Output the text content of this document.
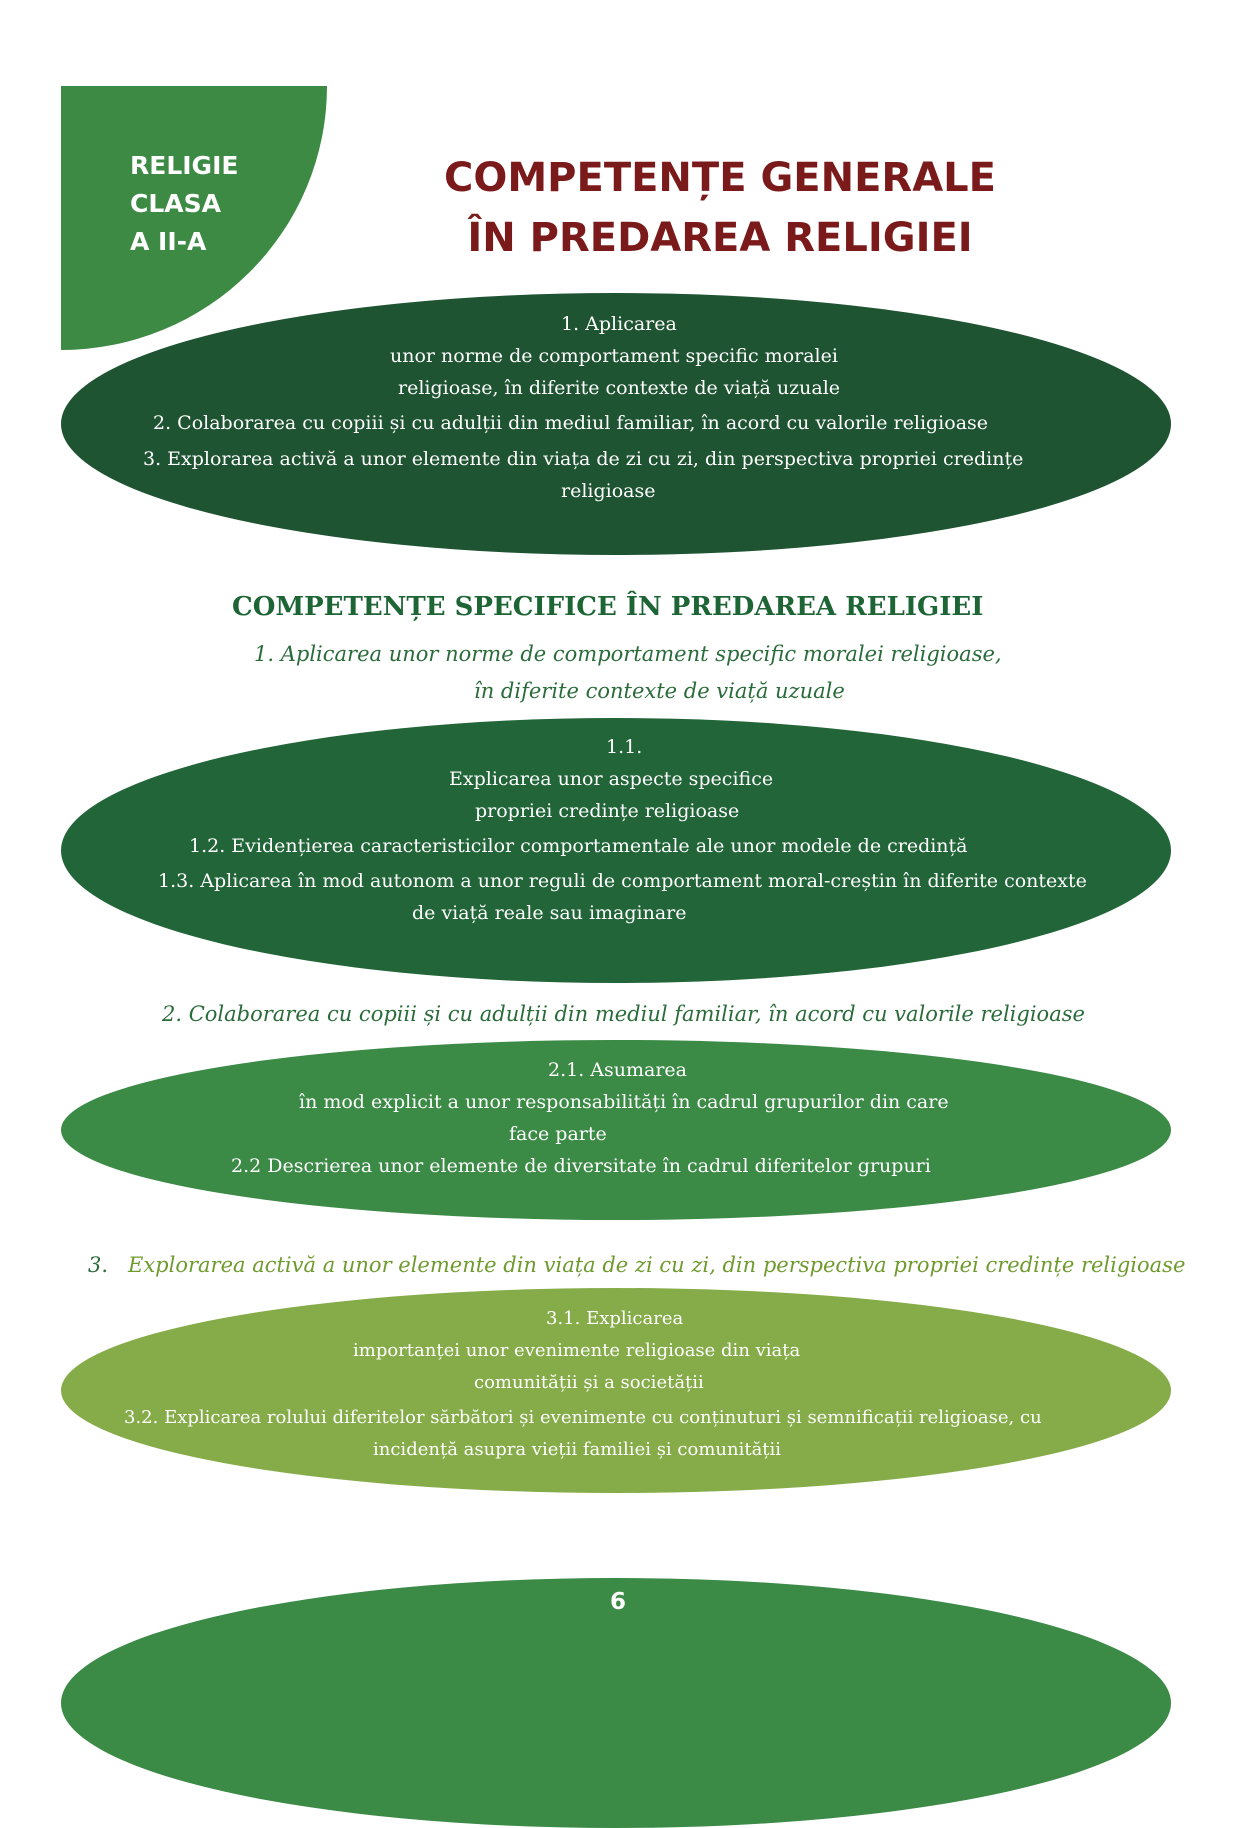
RELIGIE
CLASA
A II-A
COMPETENȚE GENERALE
ÎN PREDAREA RELIGIEI
1. Aplicarea
unor norme de comportament specific moralei
religioase, în diferite contexte de viață uzuale
2. Colaborarea cu copiii și cu adulții din mediul familiar, în acord cu valorile religioase
3. Explorarea activă a unor elemente din viața de zi cu zi, din perspectiva propriei credințe
religioase
COMPETENȚE SPECIFICE ÎN PREDAREA RELIGIEI
1. Aplicarea unor norme de comportament specific moralei religioase,
în diferite contexte de viață uzuale
1.1.
Explicarea unor aspecte specifice
propriei credințe religioase
1.2. Evidențierea caracteristicilor comportamentale ale unor modele de credință
1.3. Aplicarea în mod autonom a unor reguli de comportament moral-creștin în diferite contexte
de viață reale sau imaginare
2. Colaborarea cu copiii și cu adulții din mediul familiar, în acord cu valorile religioase
2.1. Asumarea
în mod explicit a unor responsabilități în cadrul grupurilor din care
face parte
2.2 Descrierea unor elemente de diversitate în cadrul diferitelor grupuri
3. Explorarea activă a unor elemente din viața de zi cu zi, din perspectiva propriei credințe religioase
3.1. Explicarea
importanței unor evenimente religioase din viața
comunității și a societății
3.2. Explicarea rolului diferitelor sărbători și evenimente cu conținuturi și semnificații religioase, cu
incidență asupra vieții familiei și comunității
6
